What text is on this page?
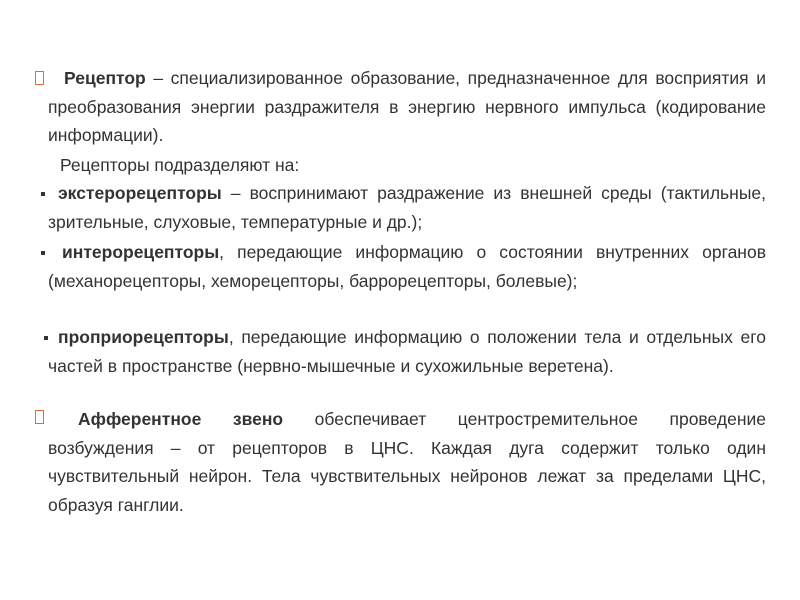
Рецептор – специализированное образование, предназначенное для восприятия и преобразования энергии раздражителя в энергию нервного импульса (кодирование информации).
Рецепторы подразделяют на:
экстерорецепторы – воспринимают раздражение из внешней среды (тактильные, зрительные, слуховые, температурные и др.);
интерорецепторы, передающие информацию о состоянии внутренних органов (механорецепторы, хеморецепторы, баррорецепторы, болевые);
проприорецепторы, передающие информацию о положении тела и отдельных его частей в пространстве (нервно-мышечные и сухожильные веретена).
Афферентное звено обеспечивает центростремительное проведение возбуждения – от рецепторов в ЦНС. Каждая дуга содержит только один чувствительный нейрон. Тела чувствительных нейронов лежат за пределами ЦНС, образуя ганглии.
